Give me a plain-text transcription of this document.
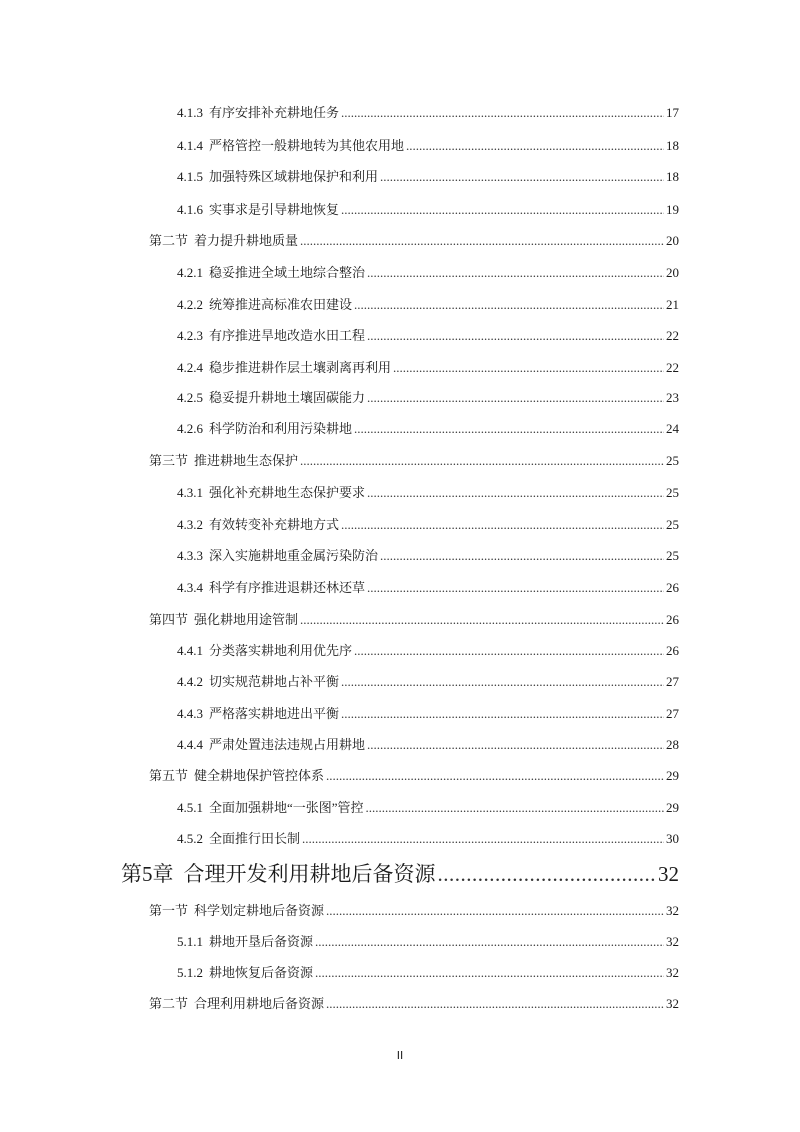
4.1.3 有序安排补充耕地任务 .....	17
4.1.4 严格管控一般耕地转为其他农用地 .....	18
4.1.5 加强特殊区域耕地保护和利用 .....	18
4.1.6 实事求是引导耕地恢复 .....	19
第二节 着力提升耕地质量 .....	20
4.2.1 稳妥推进全域土地综合整治 .....	20
4.2.2 统筹推进高标准农田建设 .....	21
4.2.3 有序推进旱地改造水田工程 .....	22
4.2.4 稳步推进耕作层土壤剥离再利用 .....	22
4.2.5 稳妥提升耕地土壤固碳能力 .....	23
4.2.6 科学防治和利用污染耕地 .....	24
第三节 推进耕地生态保护 .....	25
4.3.1 强化补充耕地生态保护要求 .....	25
4.3.2 有效转变补充耕地方式 .....	25
4.3.3 深入实施耕地重金属污染防治 .....	25
4.3.4 科学有序推进退耕还林还草 .....	26
第四节 强化耕地用途管制 .....	26
4.4.1 分类落实耕地利用优先序 .....	26
4.4.2 切实规范耕地占补平衡 .....	27
4.4.3 严格落实耕地进出平衡 .....	27
4.4.4 严肃处置违法违规占用耕地 .....	28
第五节 健全耕地保护管控体系 .....	29
4.5.1 全面加强耕地“一张图”管控 .....	29
4.5.2 全面推行田长制 .....	30
第5章 合理开发利用耕地后备资源 .....	32
第一节 科学划定耕地后备资源 .....	32
5.1.1 耕地开垦后备资源 .....	32
5.1.2 耕地恢复后备资源 .....	32
第二节 合理利用耕地后备资源 .....	32
II
